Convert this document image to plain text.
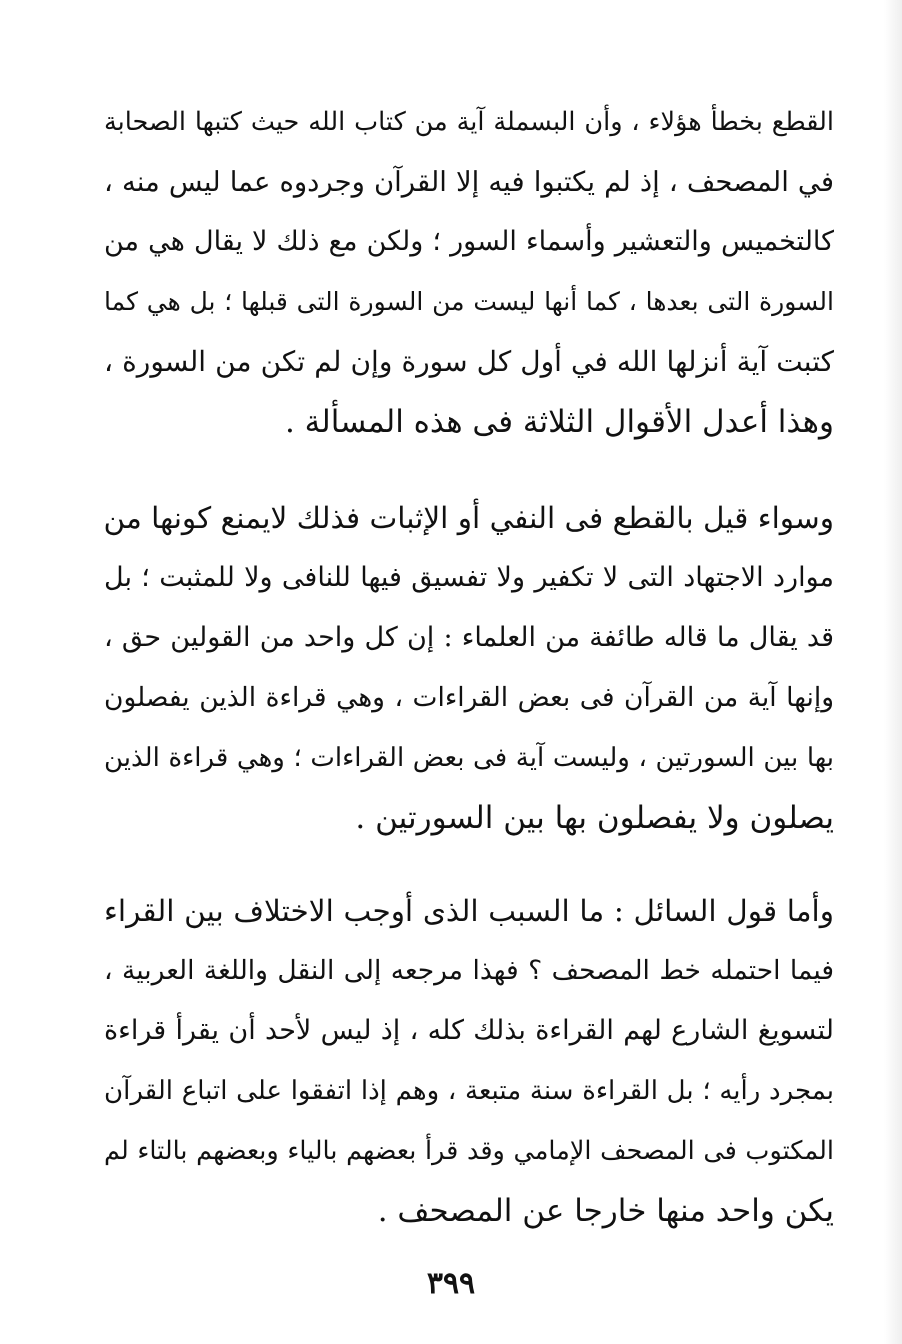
القطع بخطأ هؤلاء ، وأن البسملة آية من كتاب الله حيث كتبها الصحابة
في المصحف ، إذ لم يكتبوا فيه إلا القرآن وجردوه عما ليس منه ،
كالتخميس والتعشير وأسماء السور ؛ ولكن مع ذلك لا يقال هي من
السورة التى بعدها ، كما أنها ليست من السورة التى قبلها ؛ بل هي كما
كتبت آية أنزلها الله في أول كل سورة وإن لم تكن من السورة ،
وهذا أعدل الأقوال الثلاثة فى هذه المسألة .
وسواء قيل بالقطع فى النفي أو الإثبات فذلك لايمنع كونها من
موارد الاجتهاد التى لا تكفير ولا تفسيق فيها للنافى ولا للمثبت ؛ بل
قد يقال ما قاله طائفة من العلماء : إن كل واحد من القولين حق ،
وإنها آية من القرآن فى بعض القراءات ، وهي قراءة الذين يفصلون
بها بين السورتين ، وليست آية فى بعض القراءات ؛ وهي قراءة الذين
يصلون ولا يفصلون بها بين السورتين .
وأما قول السائل : ما السبب الذى أوجب الاختلاف بين القراء
فيما احتمله خط المصحف ؟ فهذا مرجعه إلى النقل واللغة العربية ،
لتسويغ الشارع لهم القراءة بذلك كله ، إذ ليس لأحد أن يقرأ قراءة
بمجرد رأيه ؛ بل القراءة سنة متبعة ، وهم إذا اتفقوا على اتباع القرآن
المكتوب فى المصحف الإمامي وقد قرأ بعضهم بالياء وبعضهم بالتاء لم
يكن واحد منها خارجا عن المصحف .
٣٩٩
